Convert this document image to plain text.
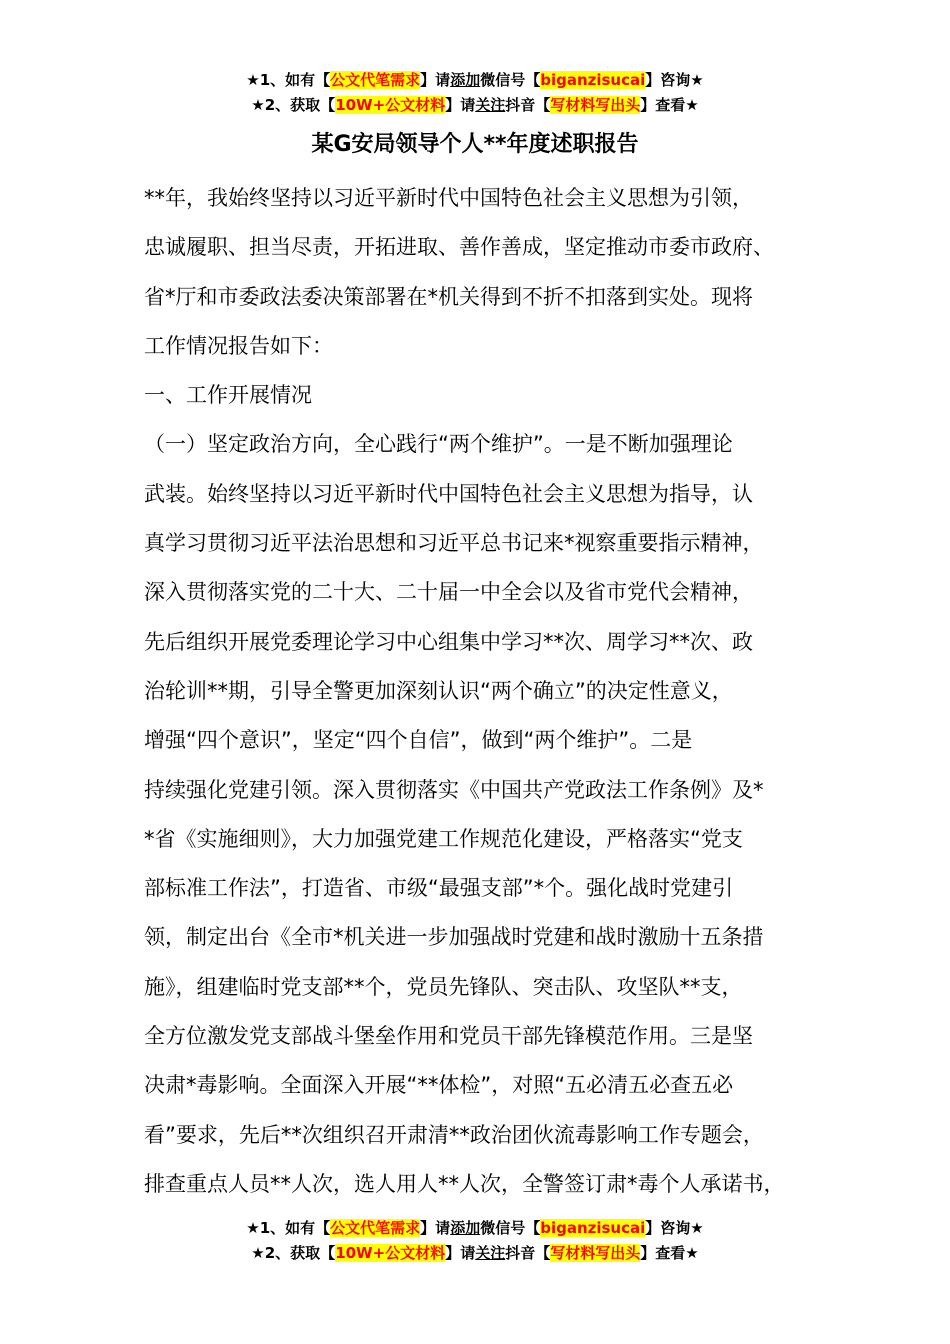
★1、如有【公文代笔需求】请添加微信号【biganzisucai】咨询★
★2、获取【10W+公文材料】请关注抖音【写材料写出头】查看★
某G安局领导个人**年度述职报告
**年，我始终坚持以习近平新时代中国特色社会主义思想为引领，
忠诚履职、担当尽责，开拓进取、善作善成，坚定推动市委市政府、
省*厅和市委政法委决策部署在*机关得到不折不扣落到实处。现将
工作情况报告如下：
一、工作开展情况
（一）坚定政治方向，全心践行“两个维护”。一是不断加强理论
武装。始终坚持以习近平新时代中国特色社会主义思想为指导，认
真学习贯彻习近平法治思想和习近平总书记来*视察重要指示精神，
深入贯彻落实党的二十大、二十届一中全会以及省市党代会精神，
先后组织开展党委理论学习中心组集中学习**次、周学习**次、政
治轮训**期，引导全警更加深刻认识“两个确立”的决定性意义，
增强“四个意识”，坚定“四个自信”，做到“两个维护”。二是
持续强化党建引领。深入贯彻落实《中国共产党政法工作条例》及*
*省《实施细则》，大力加强党建工作规范化建设，严格落实“党支
部标准工作法”，打造省、市级“最强支部”*个。强化战时党建引
领，制定出台《全市*机关进一步加强战时党建和战时激励十五条措
施》，组建临时党支部**个，党员先锋队、突击队、攻坚队**支，
全方位激发党支部战斗堡垒作用和党员干部先锋模范作用。三是坚
决肃*毒影响。全面深入开展“**体检”，对照“五必清五必查五必
看”要求，先后**次组织召开肃清**政治团伙流毒影响工作专题会，
排查重点人员**人次，选人用人**人次，全警签订肃*毒个人承诺书，
★1、如有【公文代笔需求】请添加微信号【biganzisucai】咨询★
★2、获取【10W+公文材料】请关注抖音【写材料写出头】查看★
